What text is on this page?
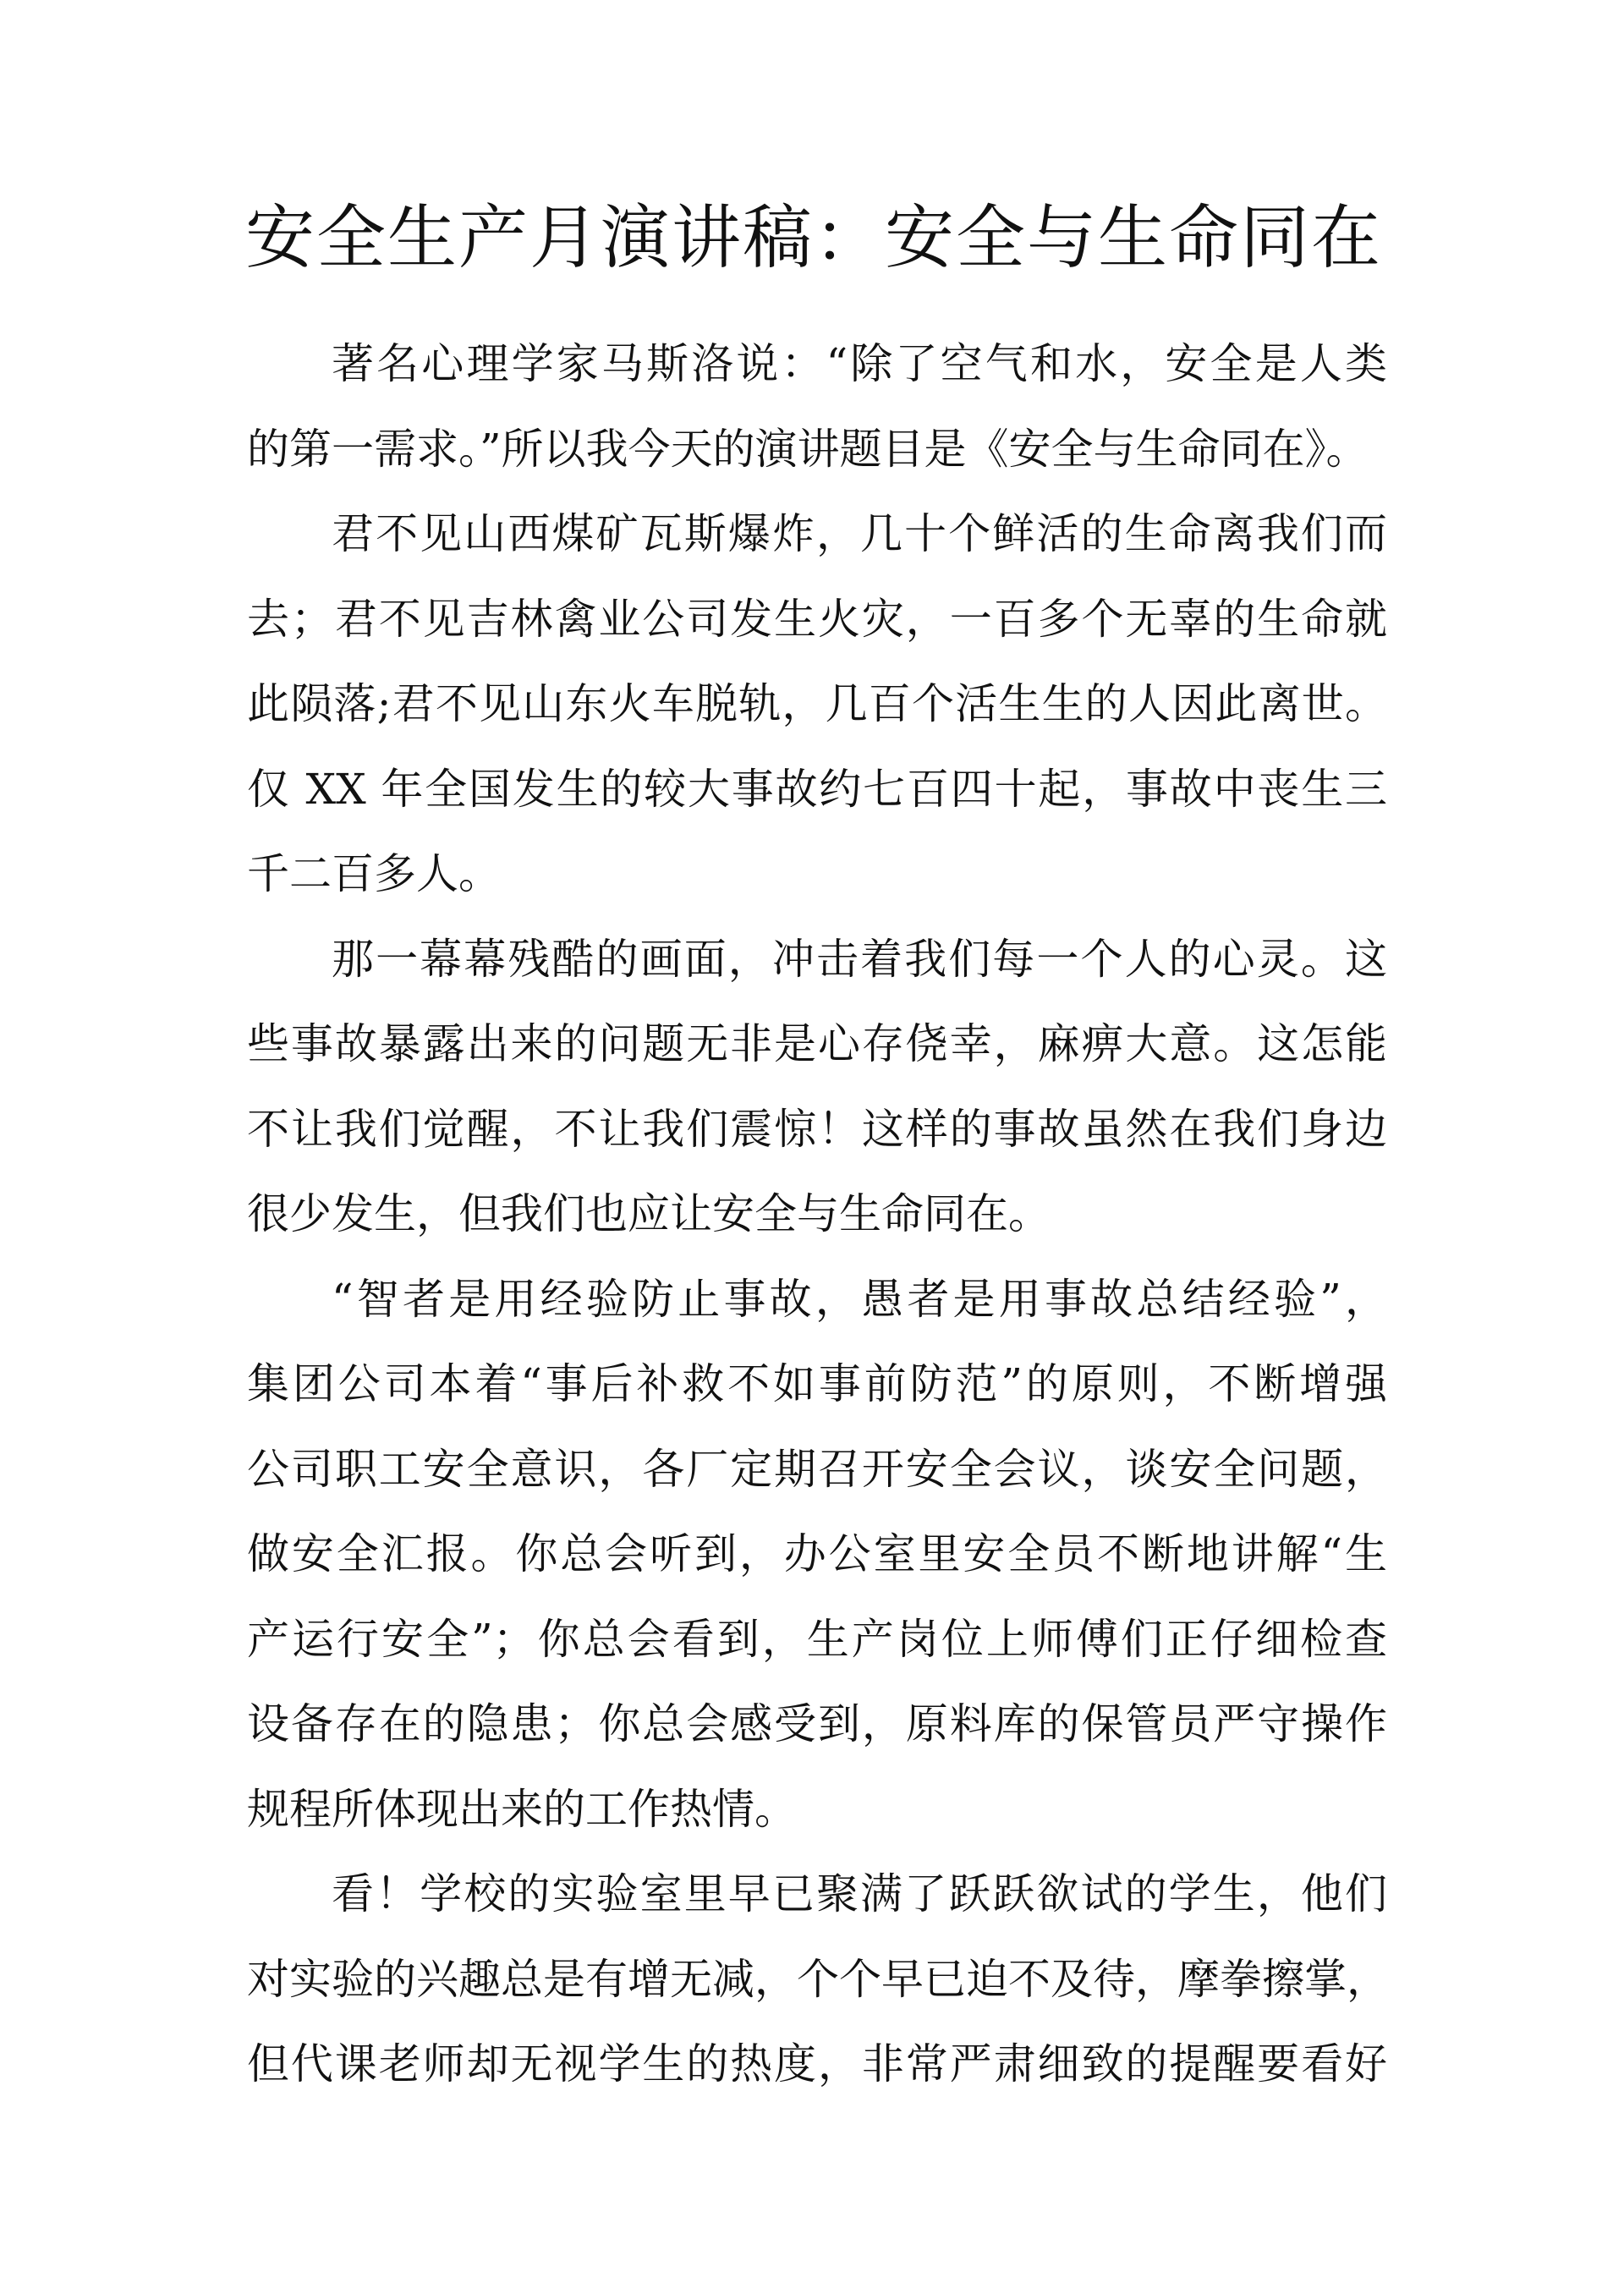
安全生产月演讲稿：安全与生命同在
著名心理学家马斯洛说：“除了空气和水，安全是人类
的第一需求。”所以我今天的演讲题目是《安全与生命同在》。
君不见山西煤矿瓦斯爆炸，几十个鲜活的生命离我们而
去；君不见吉林禽业公司发生火灾，一百多个无辜的生命就
此陨落;君不见山东火车脱轨，几百个活生生的人因此离世。
仅 XX 年全国发生的较大事故约七百四十起，事故中丧生三
千二百多人。
那一幕幕残酷的画面，冲击着我们每一个人的心灵。这
些事故暴露出来的问题无非是心存侥幸，麻痹大意。这怎能
不让我们觉醒，不让我们震惊！这样的事故虽然在我们身边
很少发生，但我们也应让安全与生命同在。
“智者是用经验防止事故，愚者是用事故总结经验”，
集团公司本着“事后补救不如事前防范”的原则，不断增强
公司职工安全意识，各厂定期召开安全会议，谈安全问题，
做安全汇报。你总会听到，办公室里安全员不断地讲解“生
产运行安全”；你总会看到，生产岗位上师傅们正仔细检查
设备存在的隐患；你总会感受到，原料库的保管员严守操作
规程所体现出来的工作热情。
看！学校的实验室里早已聚满了跃跃欲试的学生，他们
对实验的兴趣总是有增无减，个个早已迫不及待，摩拳擦掌，
但代课老师却无视学生的热度，非常严肃细致的提醒要看好
